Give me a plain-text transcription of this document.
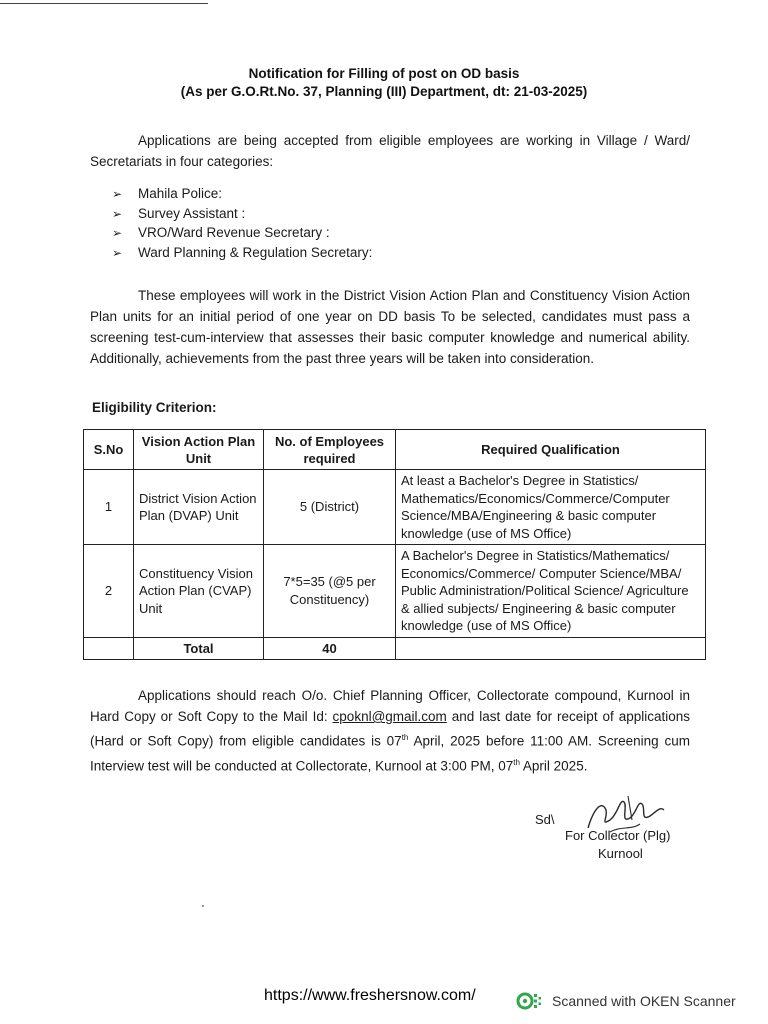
Notification for Filling of post on OD basis
(As per G.O.Rt.No. 37, Planning (III) Department, dt: 21-03-2025)
Applications are being accepted from eligible employees are working in Village / Ward/ Secretariats in four categories:
➢ Mahila Police:
➢ Survey Assistant :
➢ VRO/Ward Revenue Secretary :
➢ Ward Planning & Regulation Secretary:
These employees will work in the District Vision Action Plan and Constituency Vision Action Plan units for an initial period of one year on DD basis To be selected, candidates must pass a screening test-cum-interview that assesses their basic computer knowledge and numerical ability. Additionally, achievements from the past three years will be taken into consideration.
Eligibility Criterion:
S.No	Vision Action Plan Unit	No. of Employees required	Required Qualification
1	District Vision Action Plan (DVAP) Unit	5 (District)	At least a Bachelor's Degree in Statistics/ Mathematics/Economics/Commerce/Computer Science/MBA/Engineering & basic computer knowledge (use of MS Office)
2	Constituency Vision Action Plan (CVAP) Unit	7*5=35 (@5 per Constituency)	A Bachelor's Degree in Statistics/Mathematics/ Economics/Commerce/ Computer Science/MBA/ Public Administration/Political Science/ Agriculture & allied subjects/ Engineering & basic computer knowledge (use of MS Office)
	Total	40	
Applications should reach O/o. Chief Planning Officer, Collectorate compound, Kurnool in Hard Copy or Soft Copy to the Mail Id: cpoknl@gmail.com and last date for receipt of applications (Hard or Soft Copy) from eligible candidates is 07th April, 2025 before 11:00 AM. Screening cum Interview test will be conducted at Collectorate, Kurnool at 3:00 PM, 07th April 2025.
Sd\
For Collector (Plg)
Kurnool
https://www.freshersnow.com/	Scanned with OKEN Scanner
